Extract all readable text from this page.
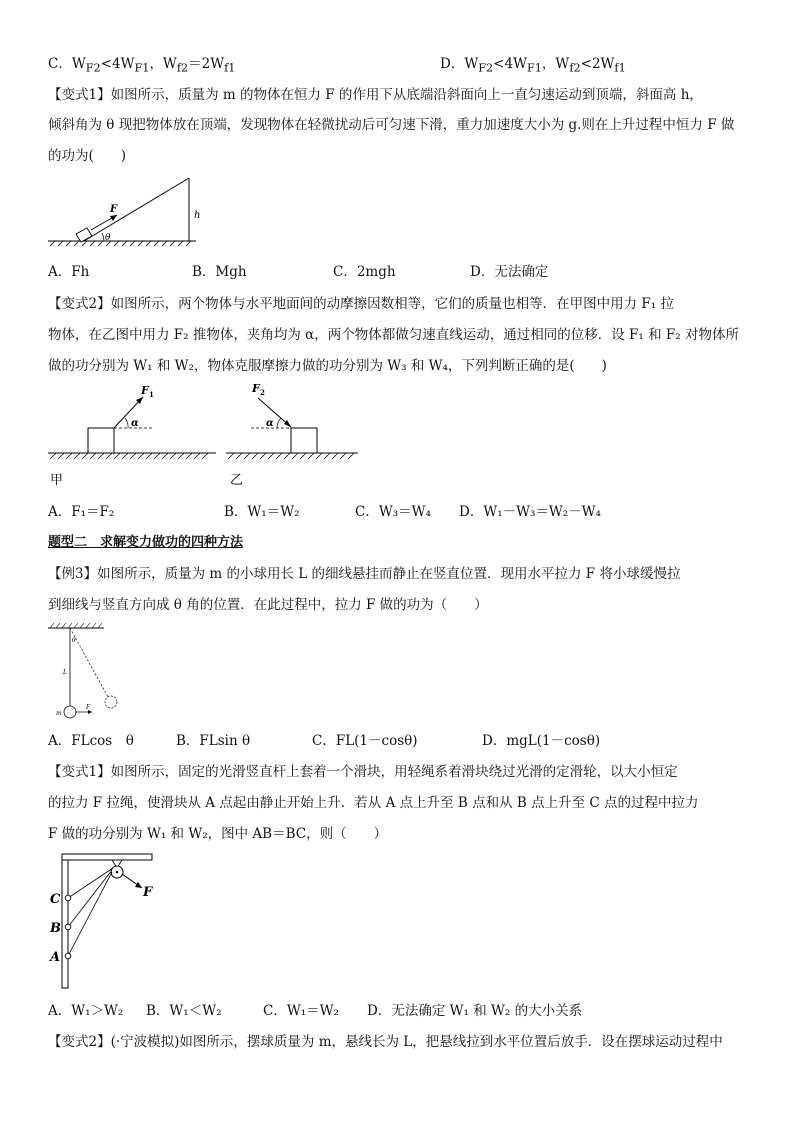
C．$W_{F2}<4W_{F1}$，$W_{f2}=2W_{f1}$	D．$W_{F2}<4W_{F1}$，$W_{f2}<2W_{f1}$
【变式1】如图所示，质量为 m 的物体在恒力 F 的作用下从底端沿斜面向上一直匀速运动到顶端，斜面高 h，
倾斜角为 θ 现把物体放在顶端，发现物体在轻微扰动后可匀速下滑，重力加速度大小为 g.则在上升过程中恒力 F 做
的功为(　　)
F
θ
h
A．Fh	B．Mgh	C．2mgh	D．无法确定
【变式2】如图所示，两个物体与水平地面间的动摩擦因数相等，它们的质量也相等．在甲图中用力 F₁ 拉
物体，在乙图中用力 F₂ 推物体，夹角均为 α，两个物体都做匀速直线运动，通过相同的位移．设 F₁ 和 F₂ 对物体所
做的功分别为 W₁ 和 W₂，物体克服摩擦力做的功分别为 W₃ 和 W₄，下列判断正确的是(　　)
α
F 1
甲
α
F 2
乙
A．F₁＝F₂	B．W₁＝W₂	C．W₃＝W₄ D．W₁－W₃＝W₂－W₄
题型二　求解变力做功的四种方法
【例3】如图所示，质量为 m 的小球用长 L 的细线悬挂而静止在竖直位置．现用水平拉力 F 将小球缓慢拉
到细线与竖直方向成 θ 角的位置．在此过程中，拉力 F 做的功为（　　）
θ
L
m
F
A．FLcos　θ	B．FLsin θ	C．FL(1－cosθ)	D．mgL(1－cosθ)
【变式1】如图所示，固定的光滑竖直杆上套着一个滑块，用轻绳系着滑块绕过光滑的定滑轮，以大小恒定
的拉力 F 拉绳，使滑块从 A 点起由静止开始上升．若从 A 点上升至 B 点和从 B 点上升至 C 点的过程中拉力
F 做的功分别为 W₁ 和 W₂，图中 AB＝BC，则（　　）
C
B
A
F
A．W₁＞W₂ B．W₁＜W₂	C．W₁＝W₂ D．无法确定 W₁ 和 W₂ 的大小关系
【变式2】(·宁波模拟)如图所示，摆球质量为 m，悬线长为 L，把悬线拉到水平位置后放手．设在摆球运动过程中
